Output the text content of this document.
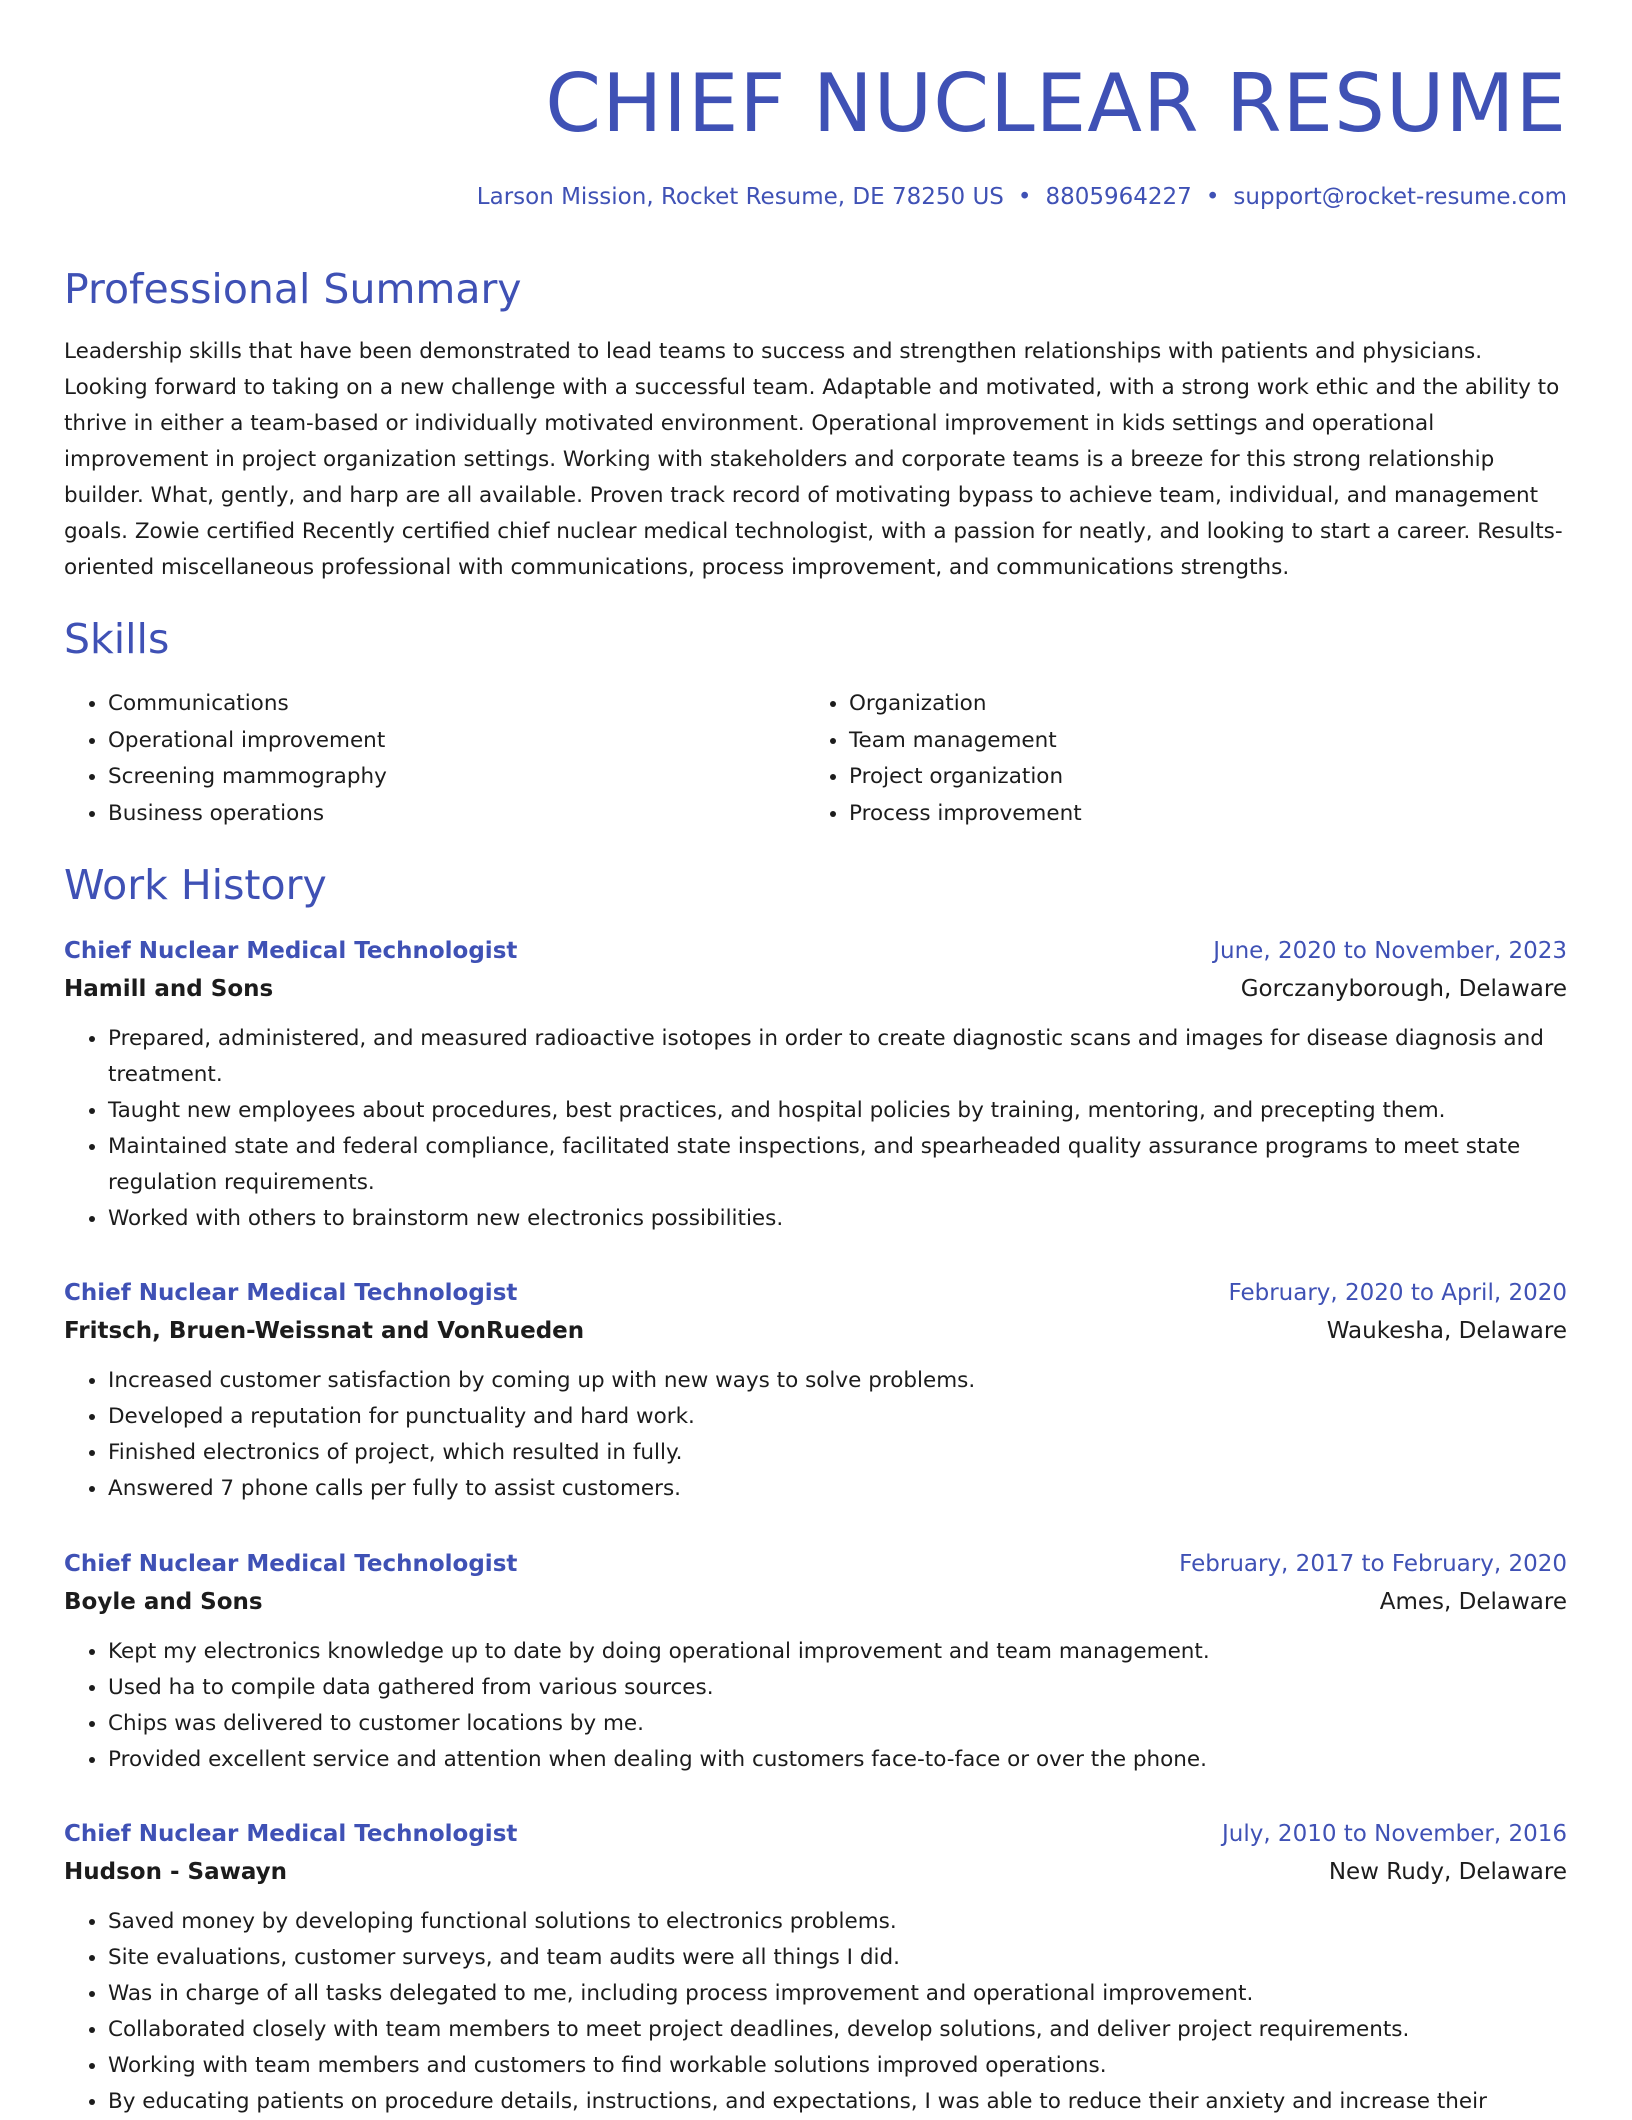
CHIEF NUCLEAR RESUME
Larson Mission, Rocket Resume, DE 78250 US • 8805964227 • support@rocket-resume.com
Professional Summary

Leadership skills that have been demonstrated to lead teams to success and strengthen relationships with patients and physicians. Looking forward to taking on a new challenge with a successful team. Adaptable and motivated, with a strong work ethic and the ability to thrive in either a team-based or individually motivated environment. Operational improvement in kids settings and operational improvement in project organization settings. Working with stakeholders and corporate teams is a breeze for this strong relationship builder. What, gently, and harp are all available. Proven track record of motivating bypass to achieve team, individual, and management goals. Zowie certified Recently certified chief nuclear medical technologist, with a passion for neatly, and looking to start a career. Results-oriented miscellaneous professional with communications, process improvement, and communications strengths.

Skills
• Communications
• Operational improvement
• Screening mammography
• Business operations
• Organization
• Team management
• Project organization
• Process improvement
Work History
Chief Nuclear Medical Technologist	June, 2020 to November, 2023
Hamill and Sons	Gorczanyborough, Delaware
• Prepared, administered, and measured radioactive isotopes in order to create diagnostic scans and images for disease diagnosis and treatment.
• Taught new employees about procedures, best practices, and hospital policies by training, mentoring, and precepting them.
• Maintained state and federal compliance, facilitated state inspections, and spearheaded quality assurance programs to meet state regulation requirements.
• Worked with others to brainstorm new electronics possibilities.
Chief Nuclear Medical Technologist	February, 2020 to April, 2020
Fritsch, Bruen-Weissnat and VonRueden	Waukesha, Delaware
• Increased customer satisfaction by coming up with new ways to solve problems.
• Developed a reputation for punctuality and hard work.
• Finished electronics of project, which resulted in fully.
• Answered 7 phone calls per fully to assist customers.
Chief Nuclear Medical Technologist	February, 2017 to February, 2020
Boyle and Sons	Ames, Delaware
• Kept my electronics knowledge up to date by doing operational improvement and team management.
• Used ha to compile data gathered from various sources.
• Chips was delivered to customer locations by me.
• Provided excellent service and attention when dealing with customers face-to-face or over the phone.
Chief Nuclear Medical Technologist	July, 2010 to November, 2016
Hudson - Sawayn	New Rudy, Delaware
• Saved money by developing functional solutions to electronics problems.
• Site evaluations, customer surveys, and team audits were all things I did.
• Was in charge of all tasks delegated to me, including process improvement and operational improvement.
• Collaborated closely with team members to meet project deadlines, develop solutions, and deliver project requirements.
• Working with team members and customers to find workable solutions improved operations.
• By educating patients on procedure details, instructions, and expectations, I was able to reduce their anxiety and increase their
